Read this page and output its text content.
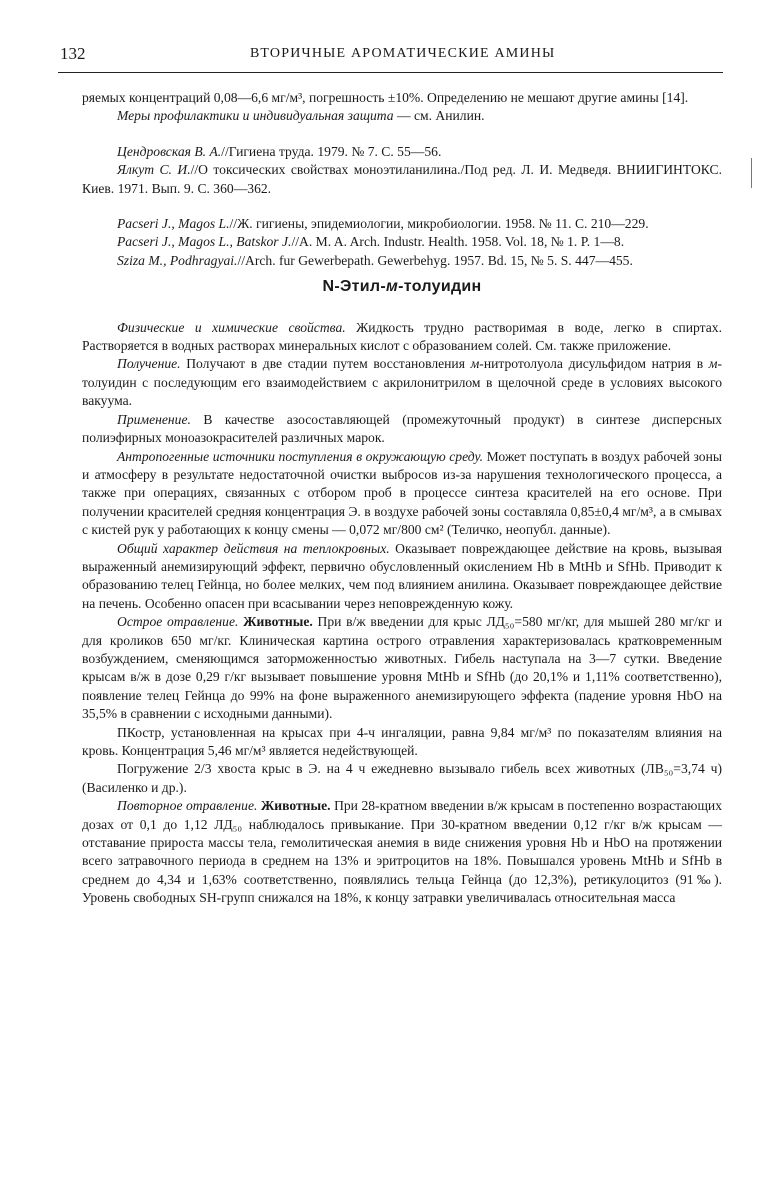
132	ВТОРИЧНЫЕ АРОМАТИЧЕСКИЕ АМИНЫ

ряемых концентраций 0,08—6,6 мг/м³, погрешность ±10%. Определению не мешают другие амины [14].

Меры профилактики и индивидуальная защита — см. Анилин.

Цендровская В. А.//Гигиена труда. 1979. № 7. С. 55—56.

Ялкут С. И.//О токсических свойствах моноэтиланилина./Под ред. Л. И. Медведя. ВНИИГИНТОКС. Киев. 1971. Вып. 9. С. 360—362.

Pacseri J., Magos L.//Ж. гигиены, эпидемиологии, микробиологии. 1958. № 11. С. 210—229.

Pacseri J., Magos L., Batskor J.//A. M. A. Arch. Industr. Health. 1958. Vol. 18, № 1. P. 1—8.

Sziza M., Podhragyai.//Arch. fur Gewerbepath. Gewerbehyg. 1957. Bd. 15, № 5. S. 447—455.

N-Этил-м-толуидин

Физические и химические свойства. Жидкость трудно растворимая в воде, легко в спиртах. Растворяется в водных растворах минеральных кислот с образованием солей. См. также приложение.

Получение. Получают в две стадии путем восстановления м-нитротолуола дисульфидом натрия в м-толуидин с последующим его взаимодействием с акрилонитрилом в щелочной среде в условиях высокого вакуума.

Применение. В качестве азосоставляющей (промежуточный продукт) в синтезе дисперсных полиэфирных моноазокрасителей различных марок.

Антропогенные источники поступления в окружающую среду. Может поступать в воздух рабочей зоны и атмосферу в результате недостаточной очистки выбросов из-за нарушения технологического процесса, а также при операциях, связанных с отбором проб в процессе синтеза красителей на его основе. При получении красителей средняя концентрация Э. в воздухе рабочей зоны составляла 0,85±0,4 мг/м³, а в смывах с кистей рук у работающих к концу смены — 0,072 мг/800 см² (Теличко, неопубл. данные).

Общий характер действия на теплокровных. Оказывает повреждающее действие на кровь, вызывая выраженный анемизирующий эффект, первично обусловленный окислением Hb в MtHb и SfHb. Приводит к образованию телец Гейнца, но более мелких, чем под влиянием анилина. Оказывает повреждающее действие на печень. Особенно опасен при всасывании через неповрежденную кожу.

Острое отравление. Животные. При в/ж введении для крыс ЛД₅₀=580 мг/кг, для мышей 280 мг/кг и для кроликов 650 мг/кг. Клиническая картина острого отравления характеризовалась кратковременным возбуждением, сменяющимся заторможенностью животных. Гибель наступала на 3—7 сутки. Введение крысам в/ж в дозе 0,29 г/кг вызывает повышение уровня MtHb и SfHb (до 20,1% и 1,11% соответственно), появление телец Гейнца до 99% на фоне выраженного анемизирующего эффекта (падение уровня HbO на 35,5% в сравнении с исходными данными).

ПКостр, установленная на крысах при 4-ч ингаляции, равна 9,84 мг/м³ по показателям влияния на кровь. Концентрация 5,46 мг/м³ является недействующей.

Погружение 2/3 хвоста крыс в Э. на 4 ч ежедневно вызывало гибель всех животных (ЛВ₅₀=3,74 ч) (Василенко и др.).

Повторное отравление. Животные. При 28-кратном введении в/ж крысам в постепенно возрастающих дозах от 0,1 до 1,12 ЛД₅₀ наблюдалось привыкание. При 30-кратном введении 0,12 г/кг в/ж крысам — отставание прироста массы тела, гемолитическая анемия в виде снижения уровня Hb и HbO на протяжении всего затравочного периода в среднем на 13% и эритроцитов на 18%. Повышался уровень MtHb и SfHb в среднем до 4,34 и 1,63% соответственно, появлялись тельца Гейнца (до 12,3%), ретикулоцитоз (91‰). Уровень свободных SH-групп снижался на 18%, к концу затравки увеличивалась относительная масса
